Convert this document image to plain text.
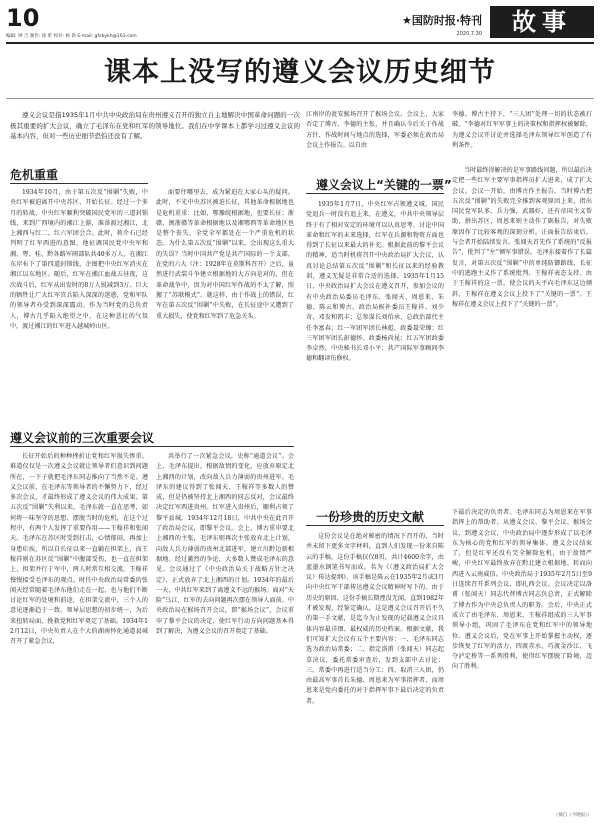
10
编辑: 钟 吉 制作: 徐 昕 校对: 杨 新 E-mail: gfxbykh@163.com
★国防时报·特刊
2020.7.30	故事
课本上没写的遵义会议历史细节
遵义会议是指1935年1月中共中央政治局在贵州遵义召开的独立自主地解决中国革命问题的一次极其重要的扩大会议，确立了毛泽东在党和红军的领导地位。我们在中学课本上都学习过遵义会议的基本内容，但对一些历史细节恐怕还没有了解。
危机重重

1934年10月，由于第五次反“围剿”失败，中央红军被迫离开中央苏区，开始长征。经过一个多月的转战，中央红军顺利突破国民党军的三道封锁线，来到广西境内的湘江上游，准备渡过湘江，北上湘西与红二、红六军团会合。此时，蒋介石已经判明了红军西进的意图，他征调国民党中央军和湘、粤、桂、黔各路军阀部队共40多万人，在湘江东岸布下了第四道封锁线，企图把中央红军消灭在湘江以东地区。随后，红军在湘江血战五昼夜，这次战斗后，红军从出发时的8万人锐减到3万。巨大的牺牲让广大红军官兵陷入深深的迷惑，党和军队的领导者亦受到深深震动。作为当时党的总负责人，博古几乎陷入绝望之中，在这种悲壮的气氛中，渡过湘江的红军进入越城岭山区。

面要往哪里去，成为紧迫在大家心头的疑问。此时，不光中央苏区被迫长征，其他革命根据地也是危机重重：比如，鄂豫皖根据地，也要长征；浙赣、闽浙赣等革命根据地以及湘鄂西等革命地区也是整个丧失，全党全军都处在一个严重危机的状态。为什么第五次反“围剿”以来，会出现这么重大的失误？当时中国共产党是共产国际的一个支部，在党的六大（注：1928年在莫斯科召开）之后，虽然进行武装斗争建立根据地的大方向是对的，但在革命战争中，因为对中国红军作战的不太了解，照搬了“苏联模式”。就这样，由于作战上的错误，红军在第五次反“围剿”中失败，在长征途中又遭到了重大损失，使党和红军到了危急关头。

遵义会议前的三次重要会议

长征开始后的种种挫折让党和红军损失惨重。难道仅仅是一次遵义会议就让领导者们意识到问题所在，一下子就把毛泽东同志推向了当然不是。遵义会议前，在毛泽东等领导者的不懈努力下，经过多次会议，才最终形成了遵义会议的伟大成果。第五次反“围剿”失利以来，毛泽东就一直在思考，如何将一味坚守的思想、摆脱当时的危机，在这个过程中，有两个人发挥了重要作用——王稼祥和张闻天。毛泽东在苏区时受到打击，心情郁闷，再加上身患疟疾，所以自长征以来一直躺在担架上，而王稼祥则在苏区反“围剿”中腹部受伤，也一直在担架上，担架并行于军中，两人时常互相交流，王稼祥慢慢接受毛泽东的观点。时任中央政治局常委的张闻天经常随着毛泽东他们走在一起，也与他们不断讨论红军的处境和前途，在担架交流中，三个人的意见逐渐趋于一致。领导层思想的初步统一，为后来扭转局面，挽救党和红军奠定了基础。1934年12月12日，中央负责人在个大的湖南怀化通道县城召开了紧急会议，

共举行了一次紧急会议，史称“通道会议”。会上，毛泽东提出，根据敌情的变化，应放弃原定北上湘西的计划，改向敌人兵力薄弱的贵州进军。毛泽东的建议得到了张闻天、王稼祥等多数人的赞成，但是仍被坚持北上湘西的同志反对，会议最终决定红军西进贵州。红军进入贵州后，顺利占领了黎平县城。1934年12月18日，中共中央在此召开了政治局会议，即黎平会议。会上，博古重申要北上湘西的主张，毛泽东则再次主张放弃北上计划，向敌人兵力薄弱的贵州北部进军，建立川黔边新根据地。经过激烈的争论，大多数人赞成毛泽东的意见。会议通过了《中央政治局关于战略方针之决定》，正式放弃了北上湘西的计划。1934年的最后一天，中共红军来到了离遵义不远的猴场。面对“天险”乌江，红军的去向问题再次摆在领导人面前。中央政治局在猴场召开会议，即“猴场会议”，会议重申了黎平会议的决定，使红军行动方向问题基本得到了解决，为遵义会议的召开奠定了基础。

江南岸的瓮安猴场召开了猴场会议。会议上，大家否定了博古、李德的主张，并且确认今后关于作战方针、作战时间与地点的选择，军委必须在政治局会议上作报告。以自由

李德、博古主持下，“三人团”处理一切的状态被打破。“李德对红军军事上的决策权和指挥权被解除，为遵义会议开讨论并选择毛泽东领导红军创造了有利条件。

遵义会议上“关键的一票”

1935年1月7日，中央红军占领遵义城，国民党追兵一时没有追上来，在遵义，中共中央领导层终于有了相对安定的环境可以认真思考、讨论中国革命和红军的未来选择，红军在兵源和物资方面也得到了长征以来最大的补充。根据此前的黎平会议的精神，适当时机将召开中央政治局扩大会议，认真讨论总结第五次反“围剿”和长征以来的经验教训，遵义无疑是非常合适的选择。1935年1月15日，中央政治局扩大会议在遵义召开，参加会议的有中央政治局委员毛泽东、张闻天、周恩来、朱德、陈云和博古，政治局候补委员王稼祥、刘少奇、邓发和凯丰；总参谋长刘伯承，总政治部代主任李富春；红一军团军团长林彪、政委聂荣臻；红三军团军团长彭德怀、政委杨尚昆；红五军团政委李卓然，中央秘书长邓小平；共产国际军事顾问李德和翻译伍修权。

当时最终得解决的是军事路线问题，所以最后决定把一些红军主要军事指挥员扩大进来，成了扩大会议。会议一开始，由博古作主报告，当时博古把五次反“围剿”的失败完全推到客观原因上来，指出国民党军队多、兵力强，武器好，还有帝国主义帮助，拼出苏区，周恩来则主动作了副报告，对失败原因作了比较客观的深刻分析。正面报告结束后，与会者开始陆续发言。张闻天首先作了系统的“反报告”，批判了“左”倾军事错误。毛泽东接着作了长篇发言，对第五次反“围剿”中的单纯防御路线、长征中的逃跑主义作了系统批判。王稼祥表态支持。由于王稼祥的这一票，使会议的天平向毛泽东这边倾斜，王稼祥在遵义会议上投下了“关键的一票”。王稼祥在遵义会议上投下了“关键的一票”。

一份珍贵的历史文献

这份会议是在绝对秘密的情况下召开的，当时并未留下更多文字材料，直到人们发现一份来自陈云的手稿，这份手稿仅仅8页，共计4600余字，由蓝墨水钢笔书写而成。名为《（遵义政治局扩大会议）传达提纲》，该手稿是陈云在1935年2月或3月向中央红军干部传达遵义会议精神时写下的。由于历史的原因，这份手稿长期湮没无闻，直到1982年才被发现，经鉴定确认，这是遵义会议召开后不久的第一手文献，是迄今为止发现的记载遵义会议具体内容最详细、最权威的历史档案。根据文献，我们可知扩大会议有五个主要内容：一、毛泽东同志选为政治局常委；二、指定洛甫（张闻天）同志起草决议，委托常委审查后，发到支部中去讨论；三、常委中再进行适当分工；四、取消三人团，仍由最高军事首长朱德、周恩来为军事指挥者，而周恩来是党内委托的对于指挥军事下最后决定的负责者。

下最后决定的负责者。毛泽东同志为周恩来在军事指挥上的帮助者。从遵义会议、黎平会议、猴场会议、到遵义会议，中央政治局中逐步形成了以毛泽东为核心的党和红军的领导集体。遵义会议结束了，但是红军还没有完全解除危机，由于敌情严峻，中央红军最终放弃在黔北建立根据地、转而向西进入云南威信。中央政治局于1935年2月5日至9日连续召开系列会议，即扎西会议。会议决定以洛甫（张闻天）同志代替博古同志负总责，正式解除了博古作为中央总负责人的职务。会后，中央正式成立了由毛泽东、周恩来、王稼祥组成的三人军事领导小组，巩固了毛泽东在党和红军中的领导地位。遵义会议后，党在军事上开始掌握主动权，逐步恢复了红军的活力，四渡赤水、巧渡金沙江、飞夺泸定桥等一系列胜利，使得红军摆脱了险境，迈向了胜利。

（摘自《今晚报》）
